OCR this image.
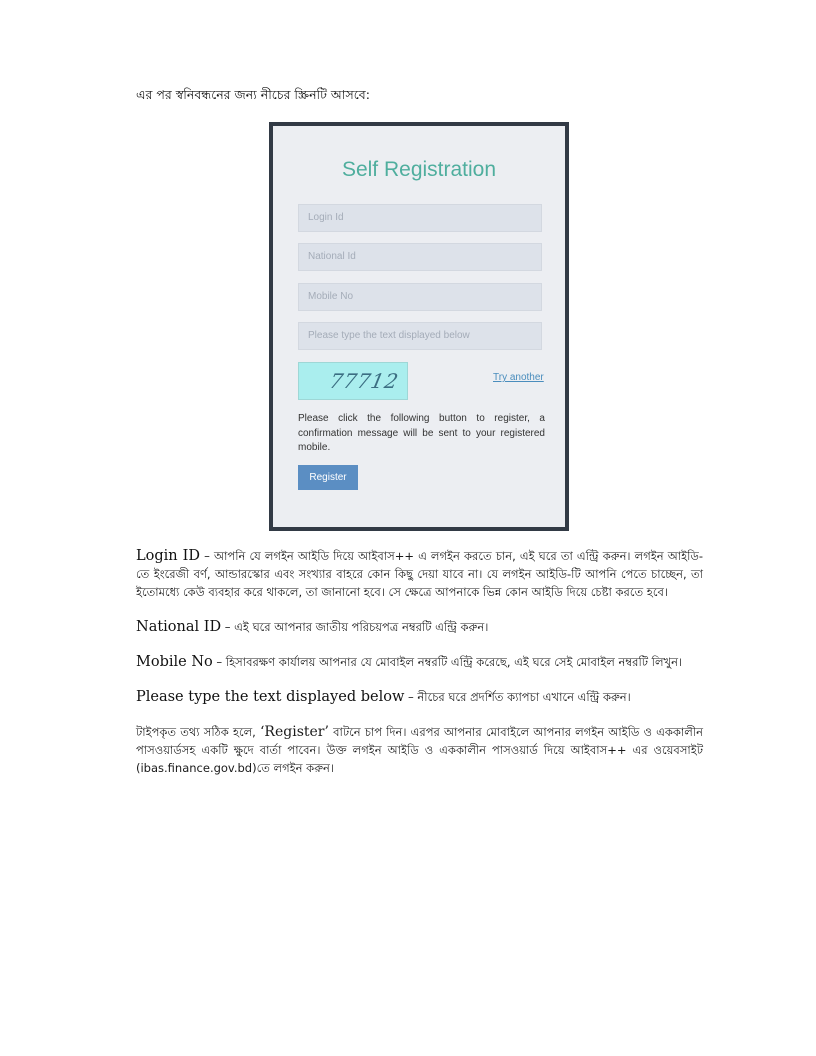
এর পর স্বনিবন্ধনের জন্য নীচের স্ক্রিনটি আসবে:
Self Registration
Login Id
National Id
Mobile No
Please type the text displayed below
77712	Try another
Please click the following button to register, a confirmation message will be sent to your registered mobile.
Register
Login ID – আপনি যে লগইন আইডি দিয়ে আইবাস++ এ লগইন করতে চান, এই ঘরে তা এন্ট্রি করুন। লগইন আইডি-তে ইংরেজী বর্ণ, আন্ডারস্কোর এবং সংখ্যার বাহরে কোন কিছু দেয়া যাবে না। যে লগইন আইডি-টি আপনি পেতে চাচ্ছেন, তা ইতোমধ্যে কেউ ব্যবহার করে থাকলে, তা জানানো হবে। সে ক্ষেত্রে আপনাকে ভিন্ন কোন আইডি দিয়ে চেষ্টা করতে হবে।
National ID – এই ঘরে আপনার জাতীয় পরিচয়পত্র নম্বরটি এন্ট্রি করুন।
Mobile No – হিসাবরক্ষণ কার্যালয় আপনার যে মোবাইল নম্বরটি এন্ট্রি করেছে, এই ঘরে সেই মোবাইল নম্বরটি লিখুন।
Please type the text displayed below – নীচের ঘরে প্রদর্শিত ক্যাপচা এখানে এন্ট্রি করুন।
টাইপকৃত তথ্য সঠিক হলে, ‘Register’ বাটনে চাপ দিন। এরপর আপনার মোবাইলে আপনার লগইন আইডি ও এককালীন পাসওয়ার্ডসহ একটি ক্ষুদে বার্তা পাবেন। উক্ত লগইন আইডি ও এককালীন পাসওয়ার্ড দিয়ে আইবাস++ এর ওয়েবসাইট (ibas.finance.gov.bd)তে লগইন করুন।
